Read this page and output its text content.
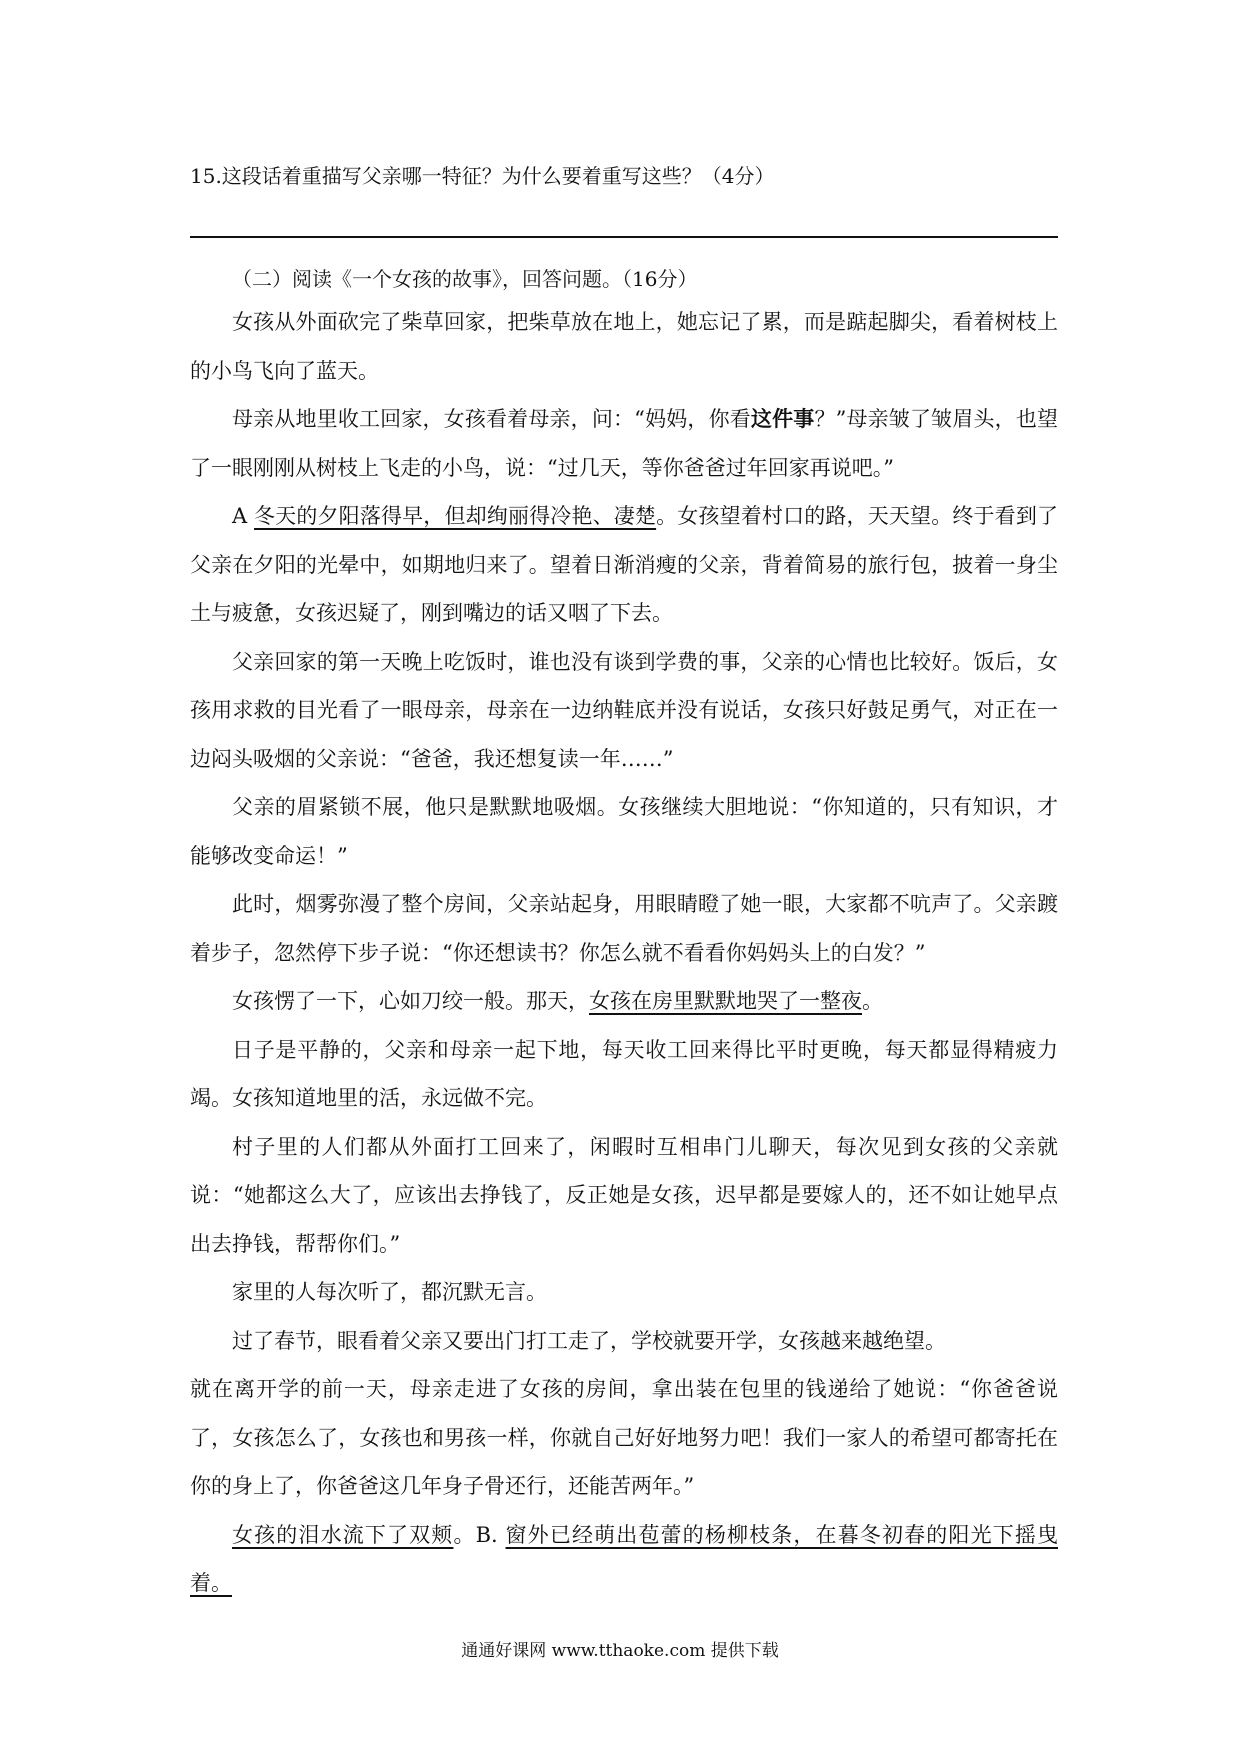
15.这段话着重描写父亲哪一特征？为什么要着重写这些？（4分）
（二）阅读《一个女孩的故事》，回答问题。（16分）

女孩从外面砍完了柴草回家，把柴草放在地上，她忘记了累，而是踮起脚尖，看着树枝上的小鸟飞向了蓝天。

母亲从地里收工回家，女孩看着母亲，问：“妈妈，你看这件事？”母亲皱了皱眉头，也望了一眼刚刚从树枝上飞走的小鸟，说：“过几天，等你爸爸过年回家再说吧。”

A 冬天的夕阳落得早，但却绚丽得冷艳、凄楚。女孩望着村口的路，天天望。终于看到了父亲在夕阳的光晕中，如期地归来了。望着日渐消瘦的父亲，背着简易的旅行包，披着一身尘土与疲惫，女孩迟疑了，刚到嘴边的话又咽了下去。

父亲回家的第一天晚上吃饭时，谁也没有谈到学费的事，父亲的心情也比较好。饭后，女孩用求救的目光看了一眼母亲，母亲在一边纳鞋底并没有说话，女孩只好鼓足勇气，对正在一边闷头吸烟的父亲说：“爸爸，我还想复读一年……”

父亲的眉紧锁不展，他只是默默地吸烟。女孩继续大胆地说：“你知道的，只有知识，才能够改变命运！”

此时，烟雾弥漫了整个房间，父亲站起身，用眼睛瞪了她一眼，大家都不吭声了。父亲踱着步子，忽然停下步子说：“你还想读书？你怎么就不看看你妈妈头上的白发？”

女孩愣了一下，心如刀绞一般。那天，女孩在房里默默地哭了一整夜。

日子是平静的，父亲和母亲一起下地，每天收工回来得比平时更晚，每天都显得精疲力竭。女孩知道地里的活，永远做不完。

村子里的人们都从外面打工回来了，闲暇时互相串门儿聊天，每次见到女孩的父亲就说：“她都这么大了，应该出去挣钱了，反正她是女孩，迟早都是要嫁人的，还不如让她早点出去挣钱，帮帮你们。”

家里的人每次听了，都沉默无言。

过了春节，眼看着父亲又要出门打工走了，学校就要开学，女孩越来越绝望。

就在离开学的前一天，母亲走进了女孩的房间，拿出装在包里的钱递给了她说：“你爸爸说了，女孩怎么了，女孩也和男孩一样，你就自己好好地努力吧！我们一家人的希望可都寄托在你的身上了，你爸爸这几年身子骨还行，还能苦两年。”

女孩的泪水流下了双颊。B. 窗外已经萌出苞蕾的杨柳枝条，在暮冬初春的阳光下摇曳着。

通通好课网 www.tthaoke.com 提供下载
